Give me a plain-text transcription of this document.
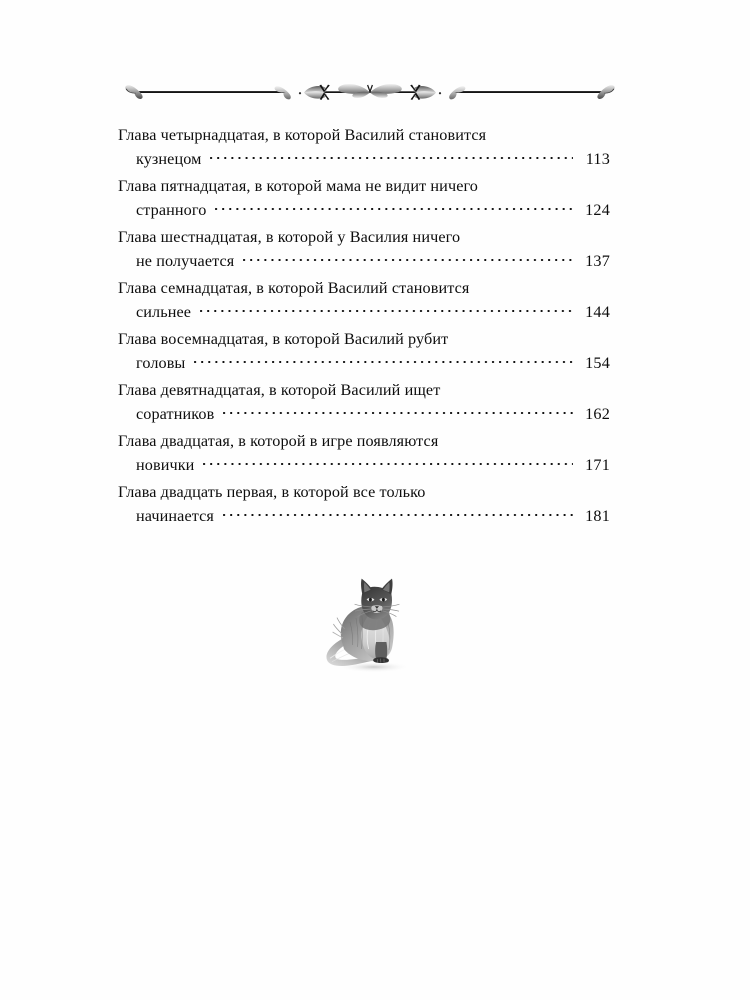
Глава четырнадцатая, в которой Василий становится
кузнецом	113
Глава пятнадцатая, в которой мама не видит ничего
странного	124
Глава шестнадцатая, в которой у Василия ничего
не получается	137
Глава семнадцатая, в которой Василий становится
сильнее	144
Глава восемнадцатая, в которой Василий рубит
головы	154
Глава девятнадцатая, в которой Василий ищет
соратников	162
Глава двадцатая, в которой в игре появляются
новички	171
Глава двадцать первая, в которой все только
начинается	181
